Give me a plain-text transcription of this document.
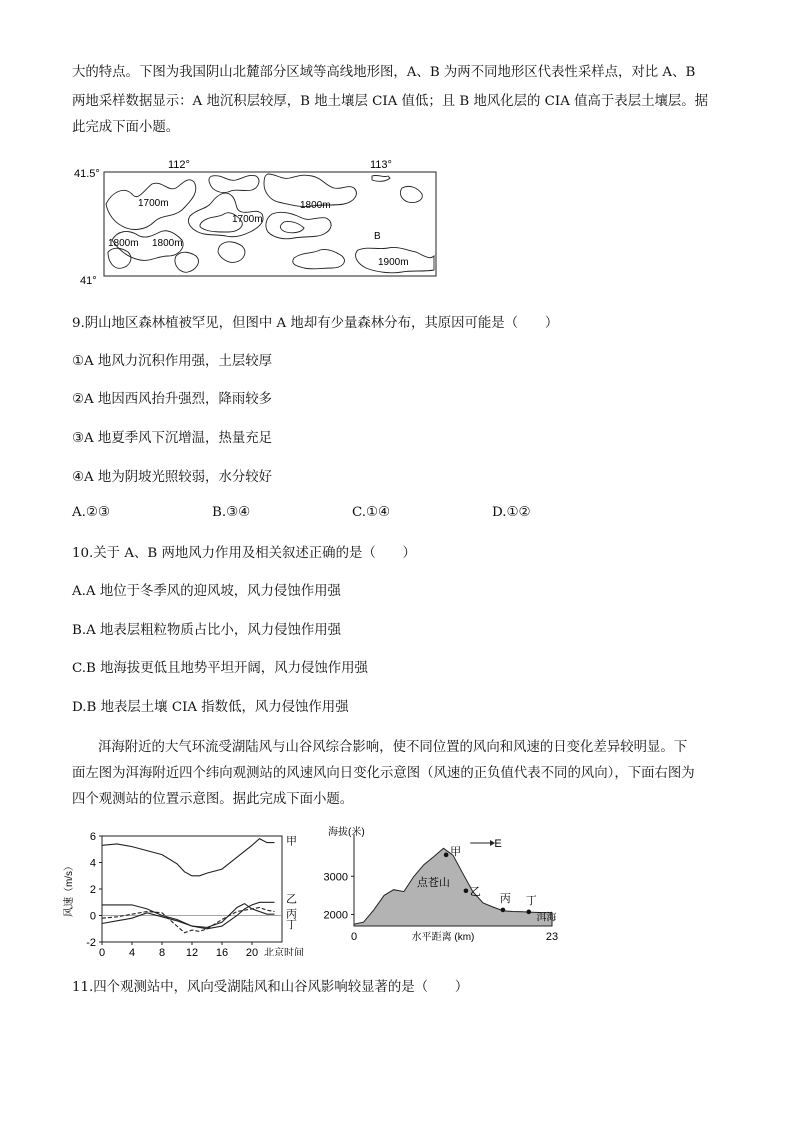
大的特点。下图为我国阴山北麓部分区域等高线地形图，A、B 为两不同地形区代表性采样点，对比 A、B

两地采样数据显示：A 地沉积层较厚，B 地土壤层 CIA 值低；且 B 地风化层的 CIA 值高于表层土壤层。据

此完成下面小题。

112°	113°
41.5°
41°
1700m
1800m
1700m
1800m
1800m
1900m
B

9.阴山地区森林植被罕见，但图中 A 地却有少量森林分布，其原因可能是（　　）

①A 地风力沉积作用强，土层较厚

②A 地因西风抬升强烈，降雨较多

③A 地夏季风下沉增温，热量充足

④A 地为阴坡光照较弱，水分较好

A.②③	B.③④	C.①④	D.①②

10.关于 A、B 两地风力作用及相关叙述正确的是（　　）

A.A 地位于冬季风的迎风坡，风力侵蚀作用强

B.A 地表层粗粒物质占比小，风力侵蚀作用强

C.B 地海拔更低且地势平坦开阔，风力侵蚀作用强

D.B 地表层土壤 CIA 指数低，风力侵蚀作用强

洱海附近的大气环流受湖陆风与山谷风综合影响，使不同位置的风向和风速的日变化差异较明显。下

面左图为洱海附近四个纬向观测站的风速风向日变化示意图（风速的正负值代表不同的风向），下面右图为

四个观测站的位置示意图。据此完成下面小题。

-2
0
2
4
6
0 4 8 12 16 20 北京时间
风速（m/s）
甲
乙
丙
丁
2000
3000
0	23
海拔(米)
水平距离 (km)
E
点苍山
洱海
甲
乙
丙 丁

11.四个观测站中，风向受湖陆风和山谷风影响较显著的是（　　）
